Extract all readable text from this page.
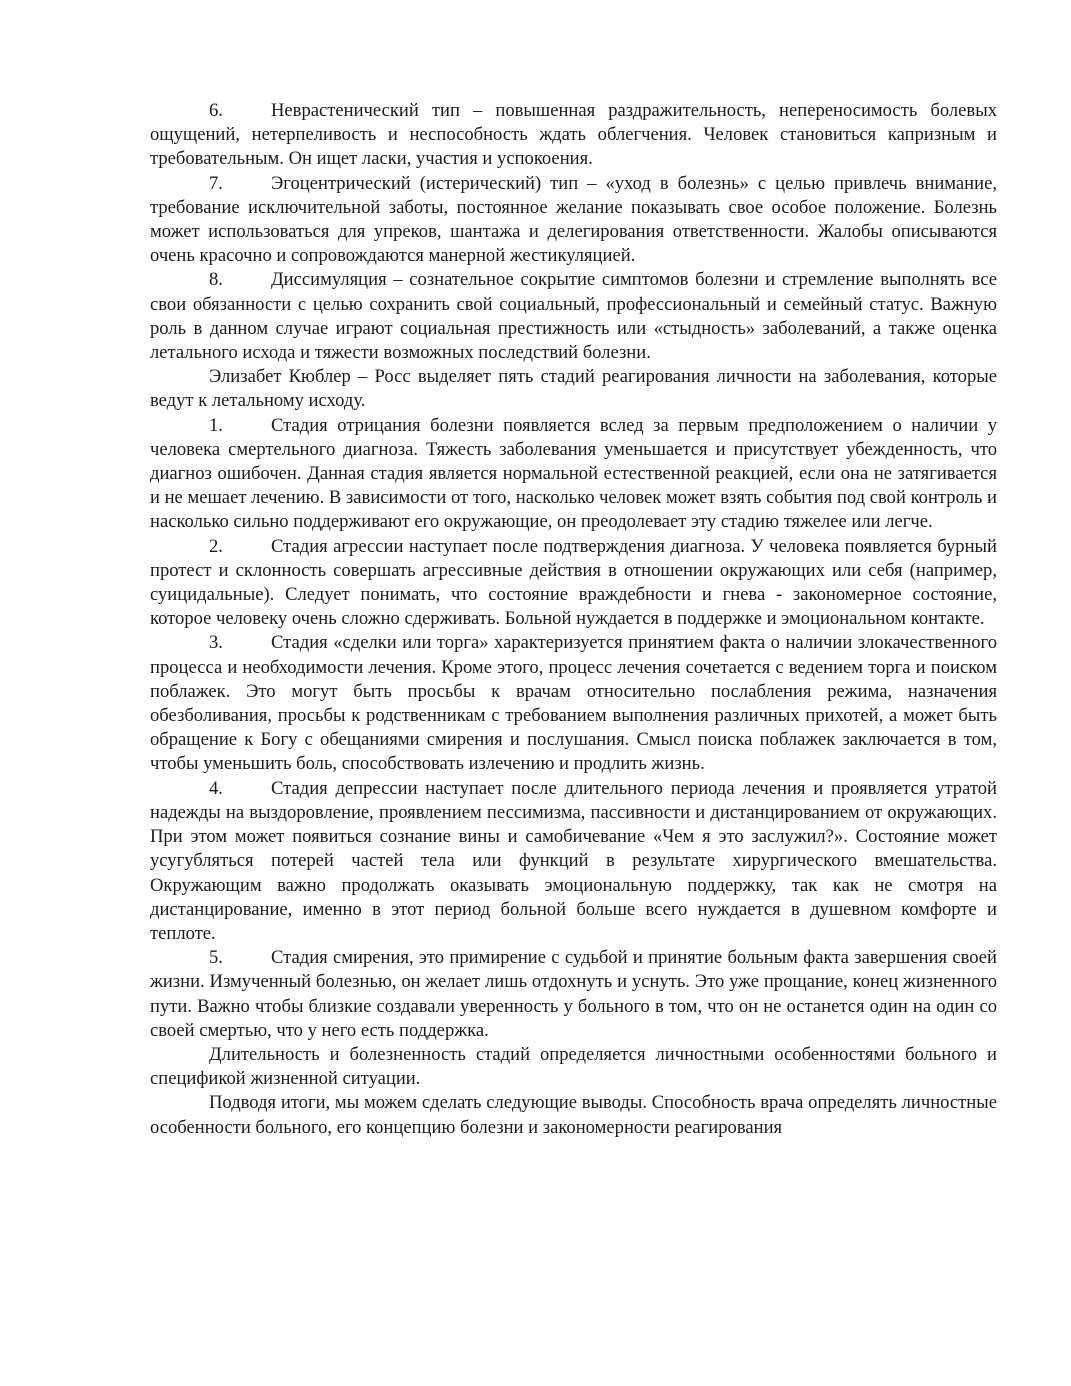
6.	Неврастенический тип – повышенная раздражительность, непереносимость болевых ощущений, нетерпеливость и неспособность ждать облегчения. Человек становиться капризным и требовательным. Он ищет ласки, участия и успокоения.

7.	Эгоцентрический (истерический) тип – «уход в болезнь» с целью привлечь внимание, требование исключительной заботы, постоянное желание показывать свое особое положение. Болезнь может использоваться для упреков, шантажа и делегирования ответственности. Жалобы описываются очень красочно и сопровождаются манерной жестикуляцией.

8.	Диссимуляция – сознательное сокрытие симптомов болезни и стремление выполнять все свои обязанности с целью сохранить свой социальный, профессиональный и семейный статус. Важную роль в данном случае играют социальная престижность или «стыдность» заболеваний, а также оценка летального исхода и тяжести возможных последствий болезни.

Элизабет Кюблер – Росс выделяет пять стадий реагирования личности на заболевания, которые ведут к летальному исходу.

1.	Стадия отрицания болезни появляется вслед за первым предположением о наличии у человека смертельного диагноза. Тяжесть заболевания уменьшается и присутствует убежденность, что диагноз ошибочен. Данная стадия является нормальной естественной реакцией, если она не затягивается и не мешает лечению. В зависимости от того, насколько человек может взять события под свой контроль и насколько сильно поддерживают его окружающие, он преодолевает эту стадию тяжелее или легче.

2.	Стадия агрессии наступает после подтверждения диагноза. У человека появляется бурный протест и склонность совершать агрессивные действия в отношении окружающих или себя (например, суицидальные). Следует понимать, что состояние враждебности и гнева - закономерное состояние, которое человеку очень сложно сдерживать. Больной нуждается в поддержке и эмоциональном контакте.

3.	Стадия «сделки или торга» характеризуется принятием факта о наличии злокачественного процесса и необходимости лечения. Кроме этого, процесс лечения сочетается с ведением торга и поиском поблажек. Это могут быть просьбы к врачам относительно послабления режима, назначения обезболивания, просьбы к родственникам с требованием выполнения различных прихотей, а может быть обращение к Богу с обещаниями смирения и послушания. Смысл поиска поблажек заключается в том, чтобы уменьшить боль, способствовать излечению и продлить жизнь.

4.	Стадия депрессии наступает после длительного периода лечения и проявляется утратой надежды на выздоровление, проявлением пессимизма, пассивности и дистанцированием от окружающих. При этом может появиться сознание вины и самобичевание «Чем я это заслужил?». Состояние может усугубляться потерей частей тела или функций в результате хирургического вмешательства. Окружающим важно продолжать оказывать эмоциональную поддержку, так как не смотря на дистанцирование, именно в этот период больной больше всего нуждается в душевном комфорте и теплоте.

5.	Стадия смирения, это примирение с судьбой и принятие больным факта завершения своей жизни. Измученный болезнью, он желает лишь отдохнуть и уснуть. Это уже прощание, конец жизненного пути. Важно чтобы близкие создавали уверенность у больного в том, что он не останется один на один со своей смертью, что у него есть поддержка.

Длительность и болезненность стадий определяется личностными особенностями больного и спецификой жизненной ситуации.

Подводя итоги, мы можем сделать следующие выводы. Способность врача определять личностные особенности больного, его концепцию болезни и закономерности реагирования
